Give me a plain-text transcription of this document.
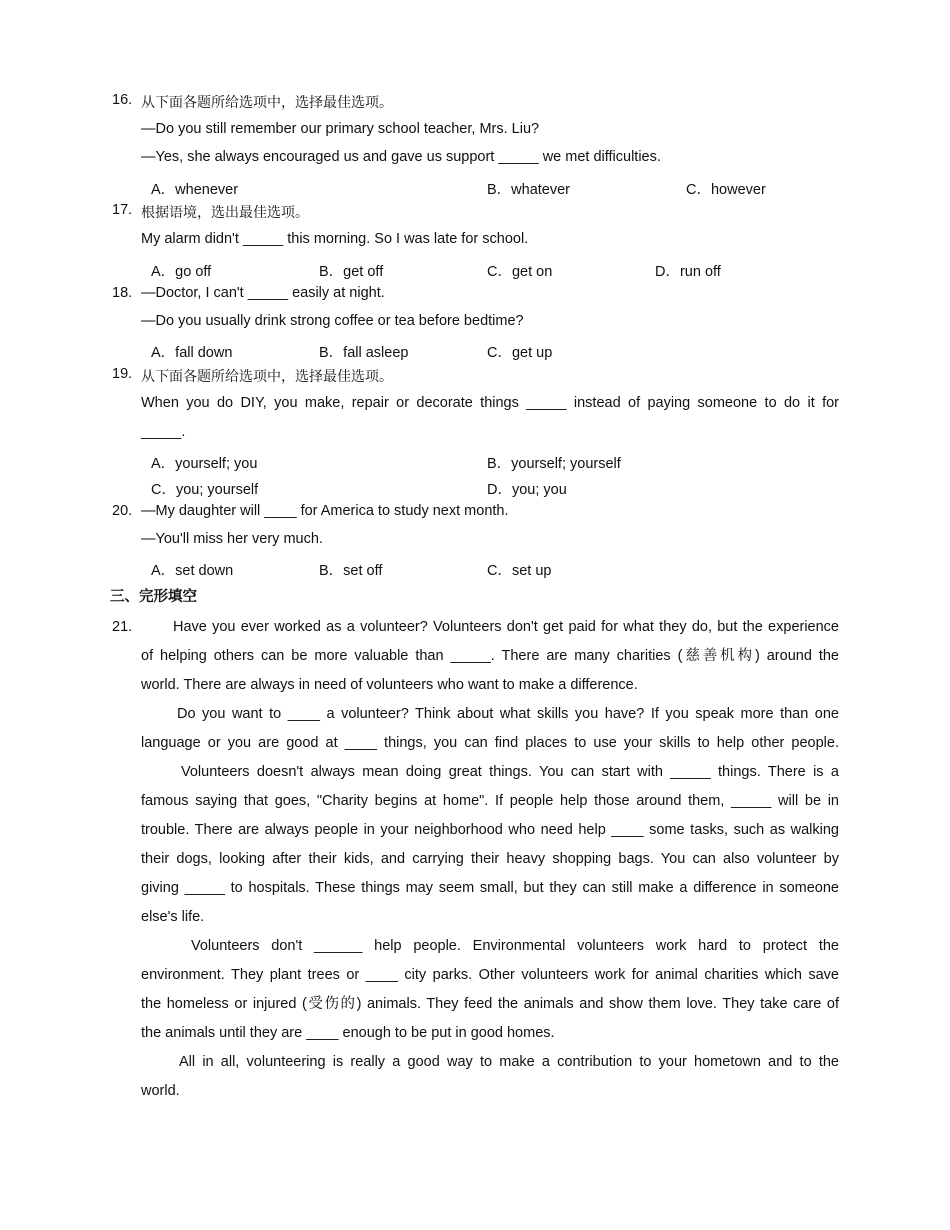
16. 从下面各题所给选项中，选择最佳选项。
—Do you still remember our primary school teacher, Mrs. Liu?
—Yes, she always encouraged us and gave us support _____ we met difficulties.
A．whenever	B．whatever	C．however
17. 根据语境，选出最佳选项。
My alarm didn't _____ this morning. So I was late for school.
A．go off	B．get off	C．get on	D．run off
18. —Doctor, I can't _____ easily at night.
—Do you usually drink strong coffee or tea before bedtime?
A．fall down	B．fall asleep	C．get up
19. 从下面各题所给选项中，选择最佳选项。
When you do DIY, you make, repair or decorate things _____ instead of paying someone to do it for
_____.
A．yourself; you	B．yourself; yourself
C．you; yourself	D．you; you
20. —My daughter will ____ for America to study next month.
—You'll miss her very much.
A．set down	B．set off	C．set up
三、完形填空
21.	Have you ever worked as a volunteer? Volunteers don't get paid for what they do, but the experience
of helping others can be more valuable than _____. There are many charities (慈善机构) around the
world. There are always in need of volunteers who want to make a difference.
Do you want to ____ a volunteer? Think about what skills you have? If you speak more than one
language or you are good at ____ things, you can find places to use your skills to help other people.
Volunteers doesn't always mean doing great things. You can start with _____ things. There is a
famous saying that goes, "Charity begins at home". If people help those around them, _____ will be in
trouble. There are always people in your neighborhood who need help ____ some tasks, such as walking
their dogs, looking after their kids, and carrying their heavy shopping bags. You can also volunteer by
giving _____ to hospitals. These things may seem small, but they can still make a difference in someone
else's life.
Volunteers don't ______ help people. Environmental volunteers work hard to protect the
environment. They plant trees or ____ city parks. Other volunteers work for animal charities which save
the homeless or injured (受伤的) animals. They feed the animals and show them love. They take care of
the animals until they are ____ enough to be put in good homes.
All in all, volunteering is really a good way to make a contribution to your hometown and to the
world.
